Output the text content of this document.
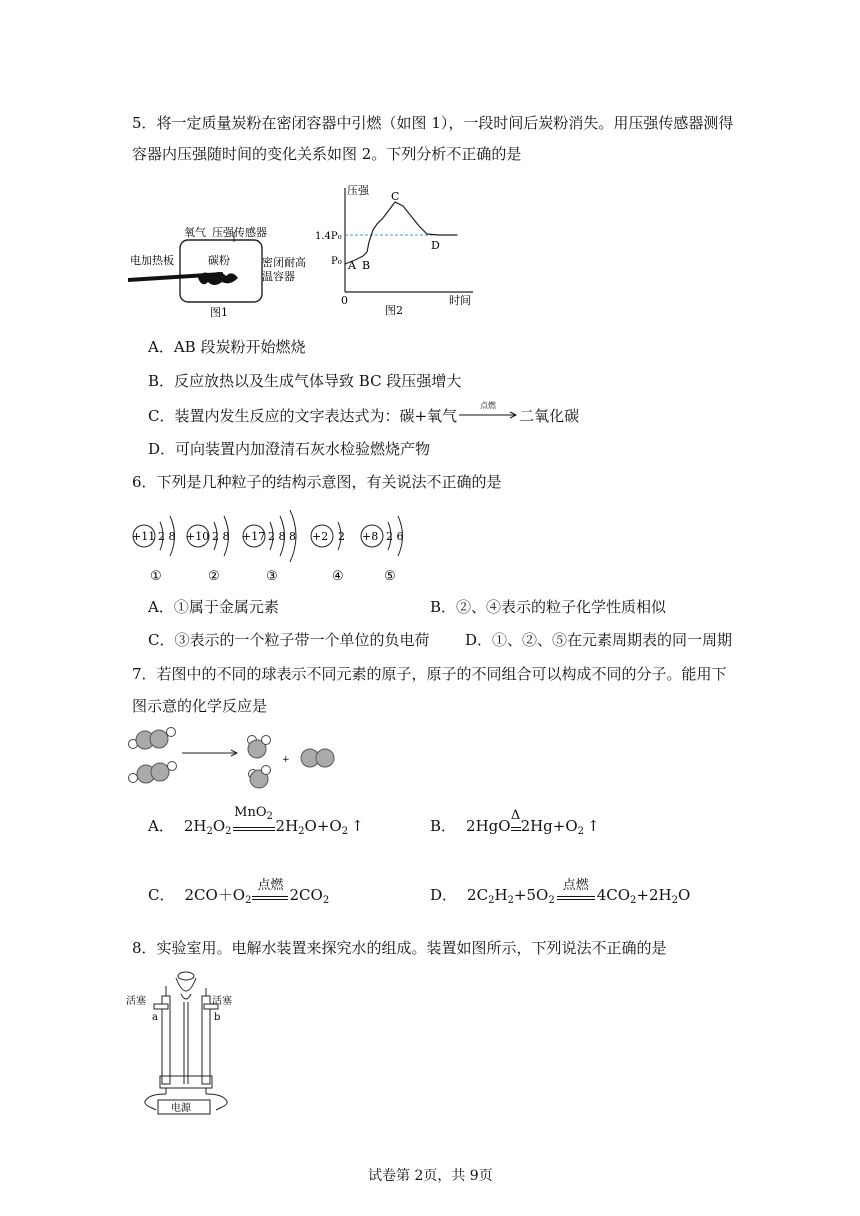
5．将一定质量炭粉在密闭容器中引燃（如图 1），一段时间后炭粉消失。用压强传感器测得
容器内压强随时间的变化关系如图 2。下列分析不正确的是
氧气 压强传感器
电加热板	碳粉	密闭耐高
温容器
图1
压强
时间
0
1.4P₀
P₀ A B
C
D
图2
A．AB 段炭粉开始燃烧
B．反应放热以及生成气体导致 BC 段压强增大
C．装置内发生反应的文字表达式为：碳+氧气
点燃
二氧化碳
D．可向装置内加澄清石灰水检验燃烧产物
6．下列是几种粒子的结构示意图，有关说法不正确的是
+11 2 8
①
+10 2 8
②
+17 2 8 8
③
+2 2
④
+8 2 6
⑤
A．①属于金属元素	B．②、④表示的粒子化学性质相似
C．③表示的一个粒子带一个单位的负电荷 D．①、②、⑤在元素周期表的同一周期
7．若图中的不同的球表示不同元素的原子，原子的不同组合可以构成不同的分子。能用下
图示意的化学反应是
+
A． $2H_2O_2$
MnO$_2$
$2H_2O+O_2$ ↑	B． 2HgO
Δ
$2Hg+O_2$ ↑
C． $2CO+O_2$
点燃
$2CO_2$	D． $2C_2H_2+5O_2$
点燃
$4CO_2+2H_2O$
8．实验室用。电解水装置来探究水的组成。装置如图所示，下列说法不正确的是
活塞	活塞
a	b
电源
试卷第 2页，共 9页
